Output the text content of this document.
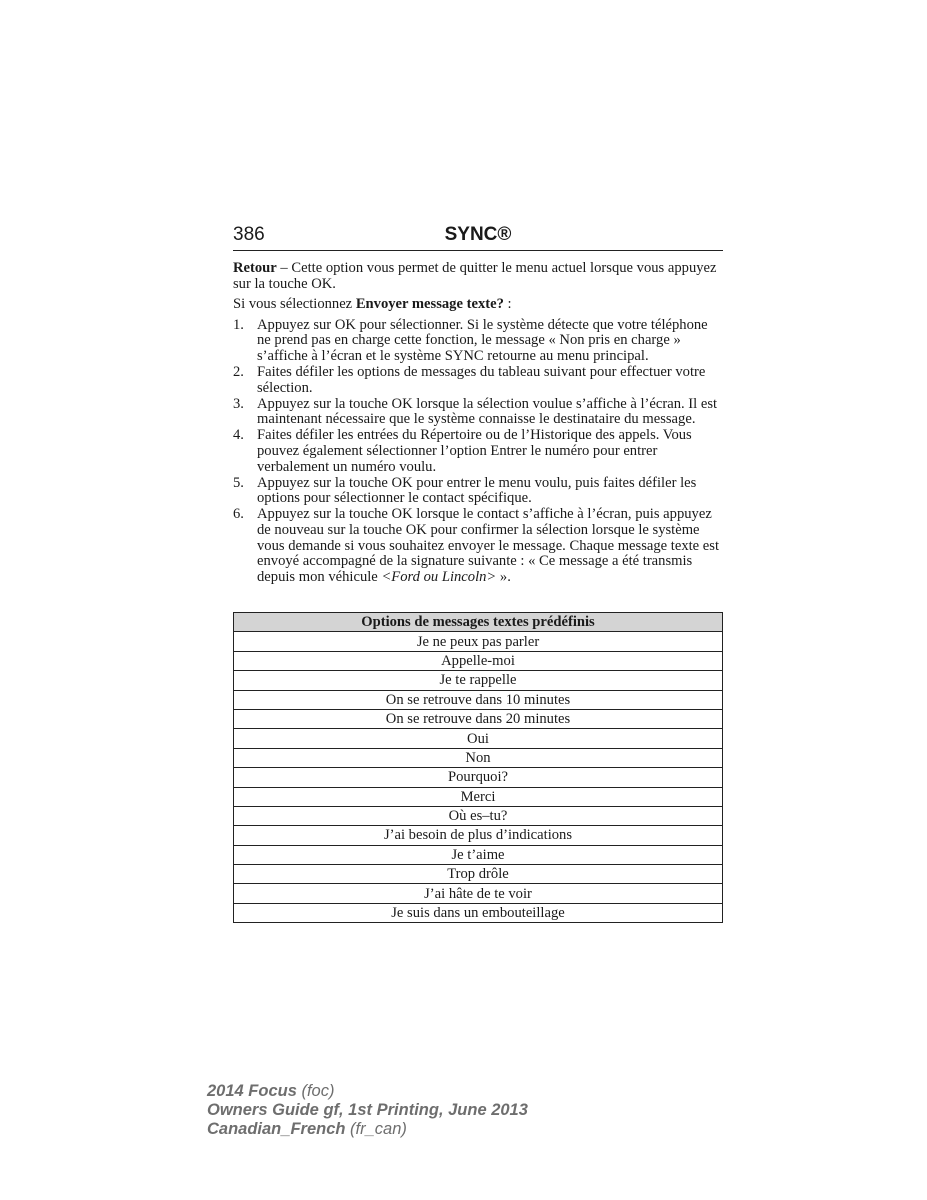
386	SYNC®

Retour – Cette option vous permet de quitter le menu actuel lorsque vous appuyez sur la touche OK.

Si vous sélectionnez Envoyer message texte? :

1. Appuyez sur OK pour sélectionner. Si le système détecte que votre téléphone ne prend pas en charge cette fonction, le message « Non pris en charge » s’affiche à l’écran et le système SYNC retourne au menu principal.
2. Faites défiler les options de messages du tableau suivant pour effectuer votre sélection.
3. Appuyez sur la touche OK lorsque la sélection voulue s’affiche à l’écran. Il est maintenant nécessaire que le système connaisse le destinataire du message.
4. Faites défiler les entrées du Répertoire ou de l’Historique des appels. Vous pouvez également sélectionner l’option Entrer le numéro pour entrer verbalement un numéro voulu.
5. Appuyez sur la touche OK pour entrer le menu voulu, puis faites défiler les options pour sélectionner le contact spécifique.
6. Appuyez sur la touche OK lorsque le contact s’affiche à l’écran, puis appuyez de nouveau sur la touche OK pour confirmer la sélection lorsque le système vous demande si vous souhaitez envoyer le message. Chaque message texte est envoyé accompagné de la signature suivante : « Ce message a été transmis depuis mon véhicule <Ford ou Lincoln> ».
Options de messages textes prédéfinis
Je ne peux pas parler
Appelle-moi
Je te rappelle
On se retrouve dans 10 minutes
On se retrouve dans 20 minutes
Oui
Non
Pourquoi?
Merci
Où es–tu?
J’ai besoin de plus d’indications
Je t’aime
Trop drôle
J’ai hâte de te voir
Je suis dans un embouteillage
2014 Focus (foc)
Owners Guide gf, 1st Printing, June 2013
Canadian_French (fr_can)
